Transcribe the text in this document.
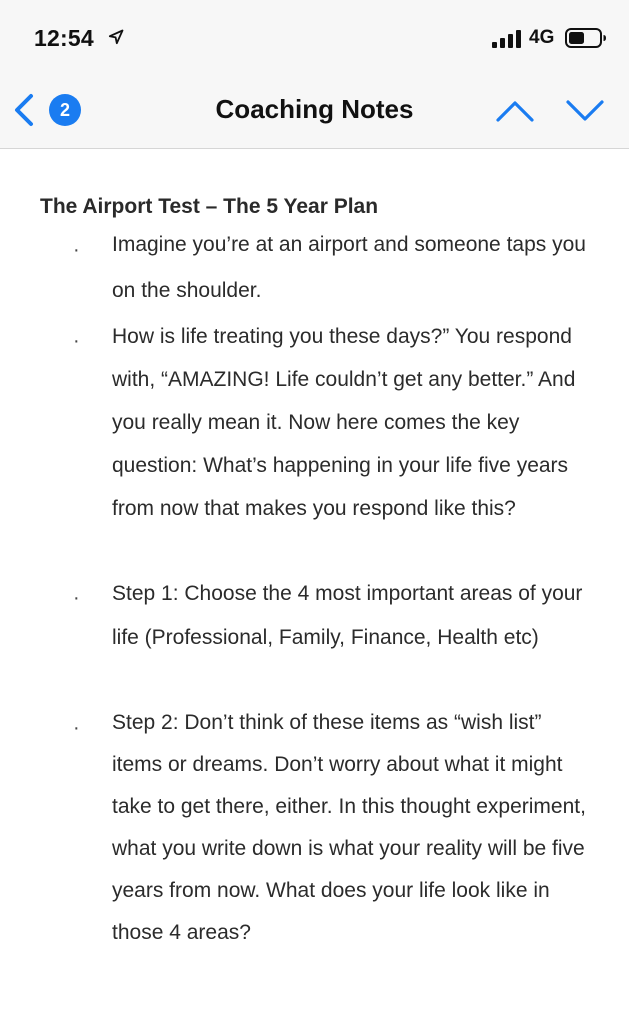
12:54	4G
2	Coaching Notes
The Airport Test – The 5 Year Plan
· Imagine you’re at an airport and someone taps you on the shoulder.
· How is life treating you these days?” You respond with, “AMAZING! Life couldn’t get any better.” And you really mean it. Now here comes the key question: What’s happening in your life five years from now that makes you respond like this?
· Step 1: Choose the 4 most important areas of your life (Professional, Family, Finance, Health etc)
· Step 2: Don’t think of these items as “wish list” items or dreams. Don’t worry about what it might take to get there, either. In this thought experiment, what you write down is what your reality will be five years from now. What does your life look like in those 4 areas?
